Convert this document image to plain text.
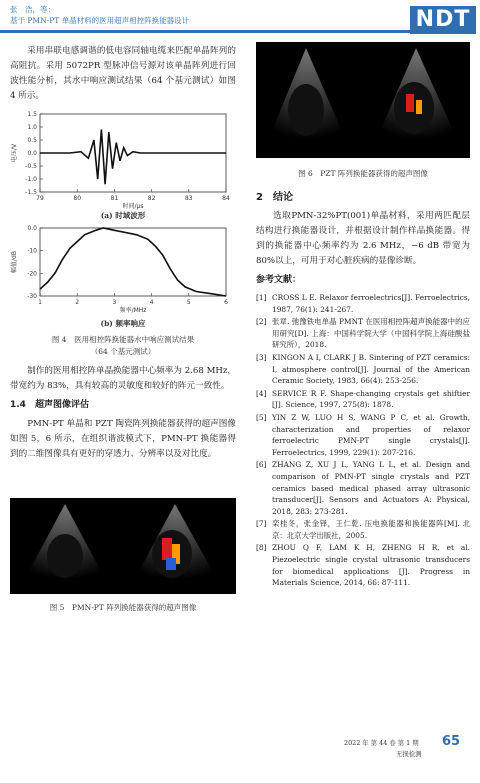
张　浩，等：
基于 PMN-PT 单晶材料的医用超声相控阵换能器设计	NDT

采用串联电感调谐的低电容同轴电缆来匹配单晶阵列的高阻抗。采用 5072PR 型脉冲信号源对该单晶阵列进行回波性能分析，其水中响应测试结果（64 个基元测试）如图 4 所示。

79	80	81	82	83	84
1.5
1.0
0.5
0.0
-0.5
-1.0
-1.5
时间/μs
电压/V
(a) 时域波形
1	2	3	4	5	6
0.0
-10
-20
-30
频率/MHz
幅值/dB
(b) 频率响应
图 4　医用相控阵换能器水中响应测试结果
（64 个基元测试）

制作的医用相控阵单晶换能器中心频率为 2.68 MHz，带宽约为 83%，具有较高的灵敏度和较好的阵元一致性。

1.4　超声图像评估

PMN-PT 单晶和 PZT 陶瓷阵列换能器获得的超声图像如图 5，6 所示，在组织谐波模式下，PMN-PT 换能器得到的二维图像具有更好的穿透力、分辨率以及对比度。

图 5　PMN-PT 阵列换能器获得的超声图像
图 6　PZT 阵列换能器获得的超声图像
2　结论

选取PMN-32%PT(001)单晶材料，采用两匹配层结构进行换能器设计，并根据设计制作样品换能器。得到的换能器中心频率约为 2.6 MHz，−6 dB 带宽为 80%以上，可用于对心脏疾病的显像诊断。

参考文献：
[1] CROSS L E. Relaxor ferroelectrics[J]. Ferroelectrics, 1987, 76(1): 241-267.
[2] 张章. 弛豫铁电单晶 PMNT 在医用相控阵超声换能器中的应用研究[D]. 上海：中国科学院大学（中国科学院上海硅酸盐研究所），2018.
[3] KINGON A I, CLARK J B. Sintering of PZT ceramics: I, atmosphere control[J]. Journal of the American Ceramic Society, 1983, 66(4): 253-256.
[4] SERVICE R F. Shape-changing crystals get shiftier [J]. Science, 1997, 275(8): 1878.
[5] YIN Z W, LUO H S, WANG P C, et al. Growth, characterization and properties of relaxor ferroelectric PMN-PT single crystals[J]. Ferroelectrics, 1999, 229(1): 207-216.
[6] ZHANG Z, XU J L, YANG L L, et al. Design and comparison of PMN-PT single crystals and PZT ceramics based medical phased array ultrasonic transducer[J]. Sensors and Actuators A: Physical, 2018, 283: 273-281.
[7] 栾桂冬，张金铎，王仁乾. 压电换能器和换能器阵[M]. 北京：北京大学出版社，2005.
[8] ZHOU Q F, LAM K H, ZHENG H R, et al. Piezoelectric single crystal ultrasonic transducers for biomedical applications [J]. Progress in Materials Science, 2014, 66: 87-111.
2022 年 第 44 卷 第 1 期 65
无损检测
